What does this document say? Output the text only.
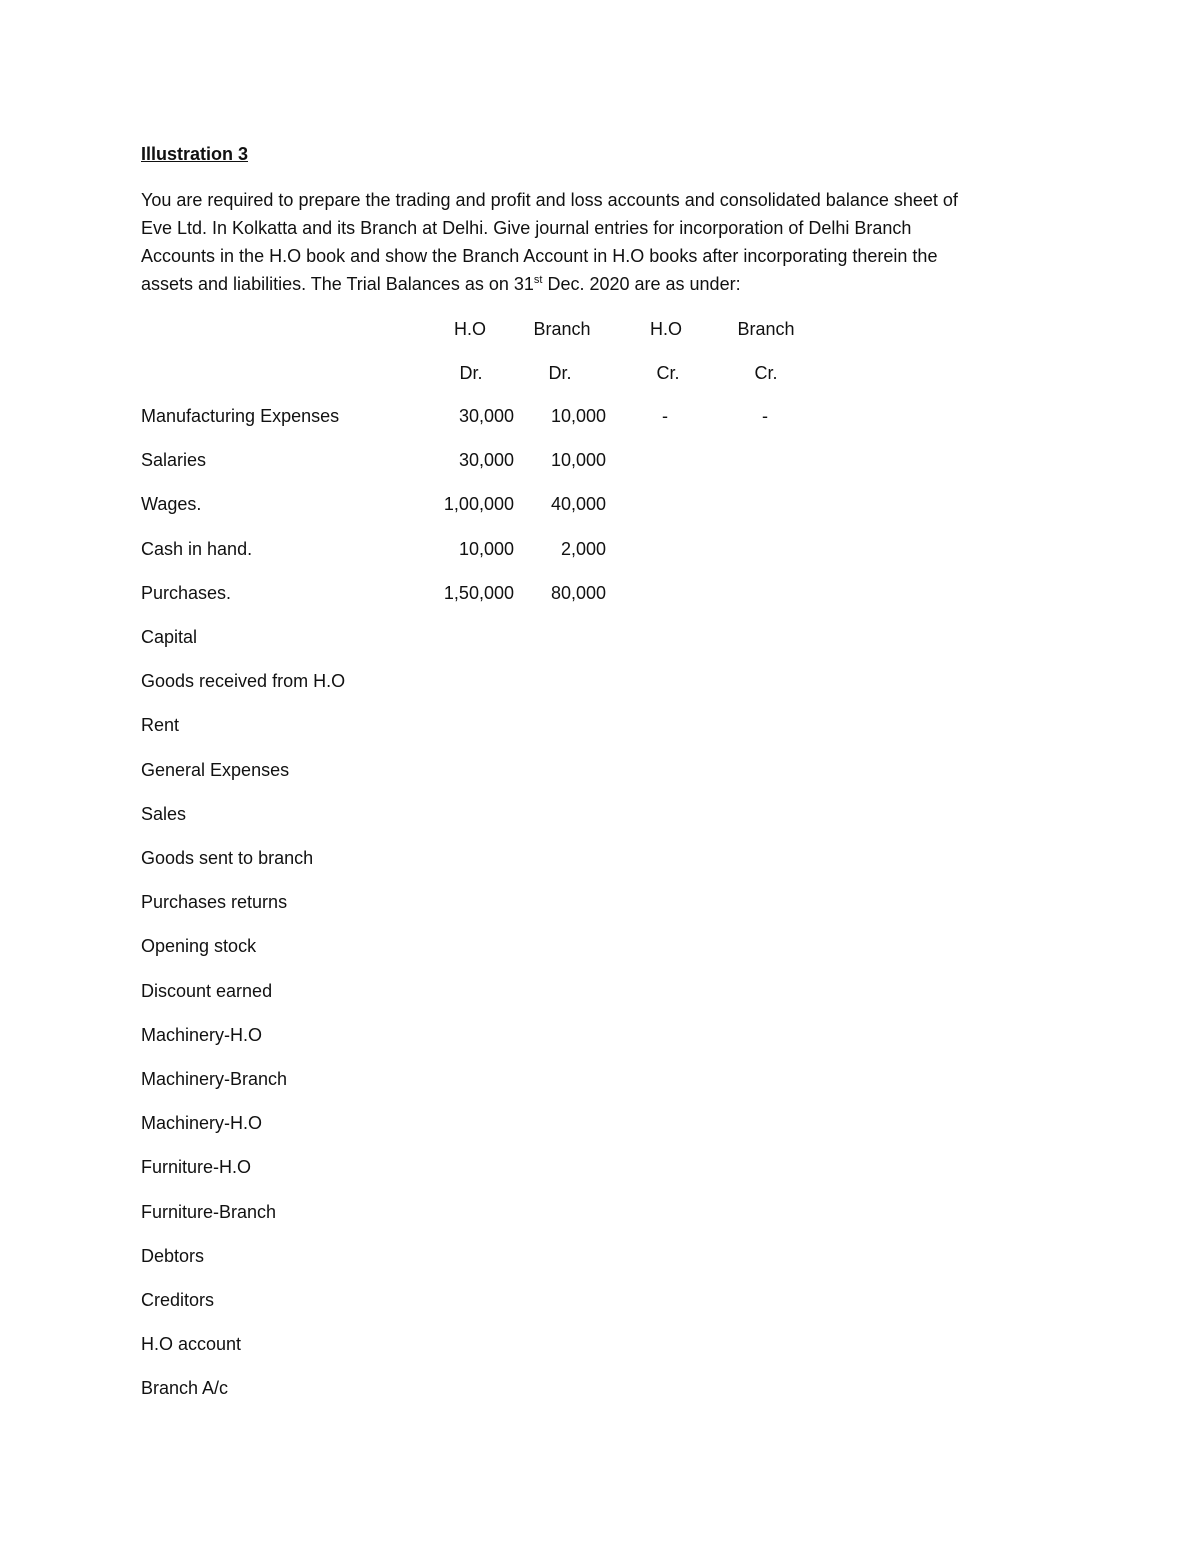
Illustration 3
You are required to prepare the trading and profit and loss accounts and consolidated balance sheet of
Eve Ltd. In Kolkatta and its Branch at Delhi. Give journal entries for incorporation of Delhi Branch
Accounts in the H.O book and show the Branch Account in H.O books after incorporating therein the
assets and liabilities. The Trial Balances as on 31st Dec. 2020 are as under:
H.O	Branch	H.O	Branch
Dr.	Dr.	Cr.	Cr.
Manufacturing Expenses	30,000 10,000	-	-
Salaries	30,000 10,000
Wages.	1,00,000 40,000
Cash in hand.	10,000	2,000
Purchases.	1,50,000 80,000
Capital
Goods received from H.O
Rent
General Expenses
Sales
Goods sent to branch
Purchases returns
Opening stock
Discount earned
Machinery-H.O
Machinery-Branch
Machinery-H.O
Furniture-H.O
Furniture-Branch
Debtors
Creditors
H.O account
Branch A/c
